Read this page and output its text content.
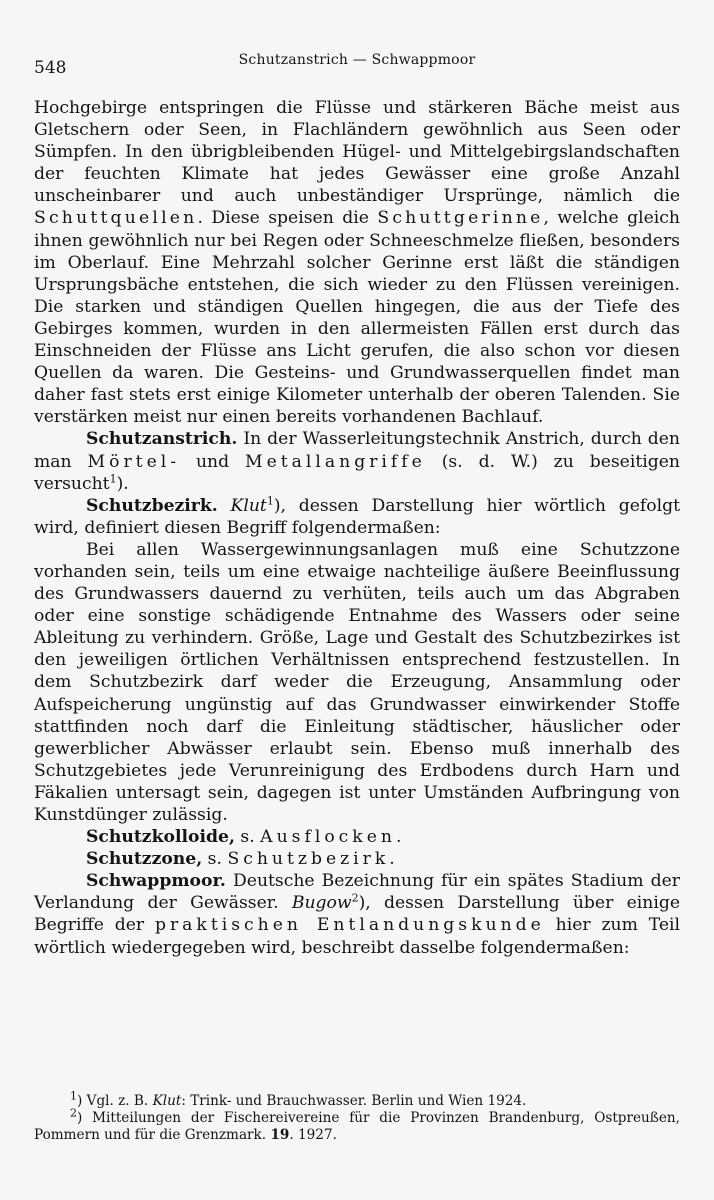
548	Schutzanstrich — Schwappmoor

Hochgebirge entspringen die Flüsse und stärkeren Bäche meist aus Gletschern oder Seen, in Flachländern gewöhnlich aus Seen oder Sümpfen. In den übrigbleibenden Hügel- und Mittelgebirgslandschaften der feuchten Klimate hat jedes Gewässer eine große Anzahl unscheinbarer und auch unbeständiger Ursprünge, nämlich die Schuttquellen. Diese speisen die Schuttgerinne, welche gleich ihnen gewöhnlich nur bei Regen oder Schneeschmelze fließen, besonders im Oberlauf. Eine Mehrzahl solcher Gerinne erst läßt die ständigen Ursprungsbäche entstehen, die sich wieder zu den Flüssen vereinigen. Die starken und ständigen Quellen hingegen, die aus der Tiefe des Gebirges kommen, wurden in den allermeisten Fällen erst durch das Einschneiden der Flüsse ans Licht gerufen, die also schon vor diesen Quellen da waren. Die Gesteins- und Grundwasserquellen findet man daher fast stets erst einige Kilometer unterhalb der oberen Talenden. Sie verstärken meist nur einen bereits vorhandenen Bachlauf.

Schutzanstrich. In der Wasserleitungstechnik Anstrich, durch den man Mörtel- und Metallangriffe (s. d. W.) zu beseitigen versucht$^1$).

Schutzbezirk. Klut$^1$), dessen Darstellung hier wörtlich gefolgt wird, definiert diesen Begriff folgendermaßen:

Bei allen Wassergewinnungsanlagen muß eine Schutzzone vorhanden sein, teils um eine etwaige nachteilige äußere Beeinflussung des Grundwassers dauernd zu verhüten, teils auch um das Abgraben oder eine sonstige schädigende Entnahme des Wassers oder seine Ableitung zu verhindern. Größe, Lage und Gestalt des Schutzbezirkes ist den jeweiligen örtlichen Verhältnissen entsprechend festzustellen. In dem Schutzbezirk darf weder die Erzeugung, Ansammlung oder Aufspeicherung ungünstig auf das Grundwasser einwirkender Stoffe stattfinden noch darf die Einleitung städtischer, häuslicher oder gewerblicher Abwässer erlaubt sein. Ebenso muß innerhalb des Schutzgebietes jede Verunreinigung des Erdbodens durch Harn und Fäkalien untersagt sein, dagegen ist unter Umständen Aufbringung von Kunstdünger zulässig.

Schutzkolloide, s. Ausflocken.

Schutzzone, s. Schutzbezirk.

Schwappmoor. Deutsche Bezeichnung für ein spätes Stadium der Verlandung der Gewässer. Bugow$^2$), dessen Darstellung über einige Begriffe der praktischen Entlandungskunde hier zum Teil wörtlich wiedergegeben wird, beschreibt dasselbe folgendermaßen:

$^1$) Vgl. z. B. Klut: Trink- und Brauchwasser. Berlin und Wien 1924.

$^2$) Mitteilungen der Fischereivereine für die Provinzen Brandenburg, Ostpreußen, Pommern und für die Grenzmark. 19. 1927.
